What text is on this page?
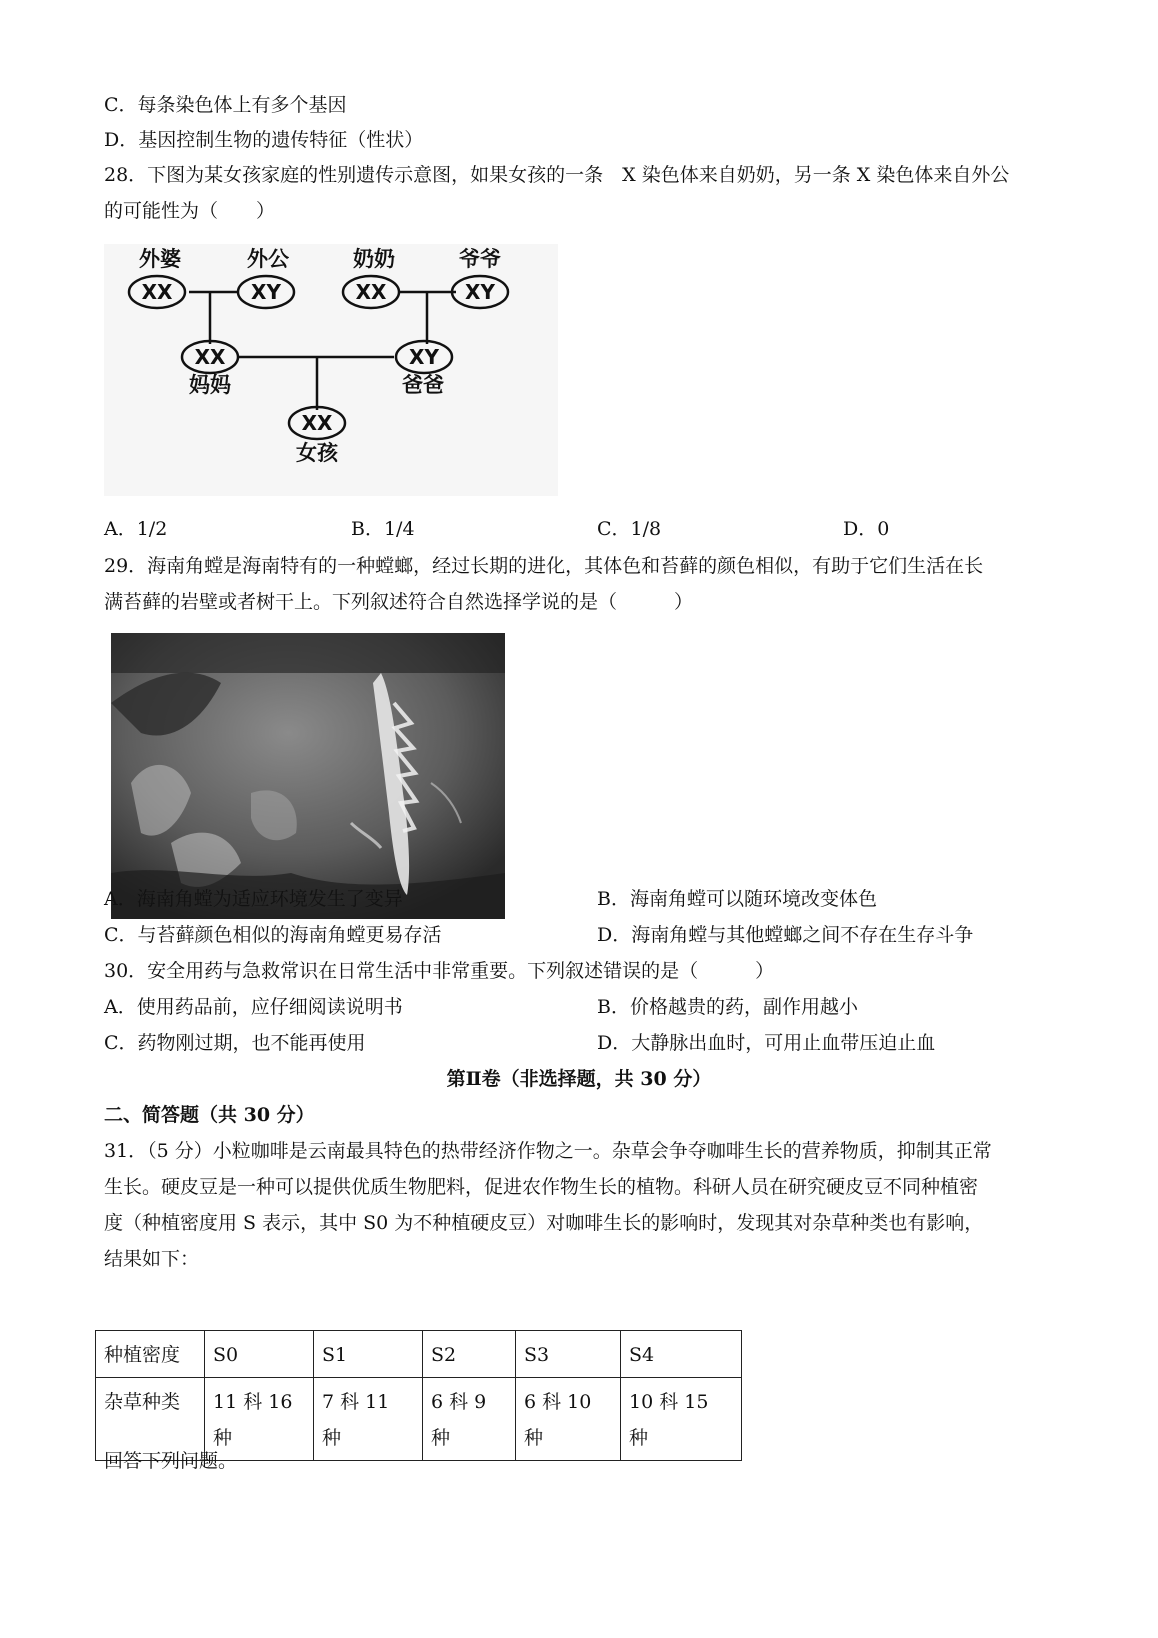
C．每条染色体上有多个基因
D．基因控制生物的遗传特征（性状）
28．下图为某女孩家庭的性别遗传示意图，如果女孩的一条　X 染色体来自奶奶，另一条 X 染色体来自外公
的可能性为（　　）
外婆
XX
外公
XY
奶奶
XX
爷爷
XY
XX
妈妈
XY
爸爸
XX
女孩
A．1/2	B．1/4	C．1/8	D．0
29．海南角螳是海南特有的一种螳螂，经过长期的进化，其体色和苔藓的颜色相似，有助于它们生活在长
满苔藓的岩壁或者树干上。下列叙述符合自然选择学说的是（　　　）
A．海南角螳为适应环境发生了变异	B．海南角螳可以随环境改变体色
C．与苔藓颜色相似的海南角螳更易存活	D．海南角螳与其他螳螂之间不存在生存斗争
30．安全用药与急救常识在日常生活中非常重要。下列叙述错误的是（　　　）
A．使用药品前，应仔细阅读说明书	B．价格越贵的药，副作用越小
C．药物刚过期，也不能再使用	D．大静脉出血时，可用止血带压迫止血
第Ⅱ卷（非选择题，共 30 分）
二、简答题（共 30 分）
31．（5 分）小粒咖啡是云南最具特色的热带经济作物之一。杂草会争夺咖啡生长的营养物质，抑制其正常
生长。硬皮豆是一种可以提供优质生物肥料，促进农作物生长的植物。科研人员在研究硬皮豆不同种植密
度（种植密度用 S 表示，其中 S0 为不种植硬皮豆）对咖啡生长的影响时，发现其对杂草种类也有影响，
结果如下：
种植密度	S0	S1	S2	S3	S4
杂草种类	11 科 16 种	7 科 11 种	6 科 9 种	6 科 10 种	10 科 15 种
回答下列问题。
